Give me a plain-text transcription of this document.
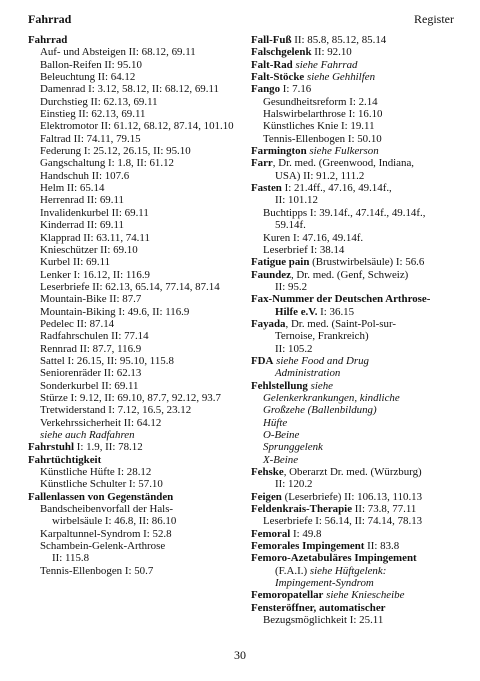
Fahrrad	Register
Fahrrad
Auf- und Absteigen II: 68.12, 69.11
Ballon-Reifen II: 95.10
Beleuchtung II: 64.12
Damenrad I: 3.12, 58.12, II: 68.12, 69.11
Durchstieg II: 62.13, 69.11
Einstieg II: 62.13, 69.11
Elektromotor II: 61.12, 68.12, 87.14, 101.10
Faltrad II: 74.11, 79.15
Federung I: 25.12, 26.15, II: 95.10
Gangschaltung I: 1.8, II: 61.12
Handschuh II: 107.6
Helm II: 65.14
Herrenrad II: 69.11
Invalidenkurbel II: 69.11
Kinderrad II: 69.11
Klapprad II: 63.11, 74.11
Knieschützer II: 69.10
Kurbel II: 69.11
Lenker I: 16.12, II: 116.9
Leserbriefe II: 62.13, 65.14, 77.14, 87.14
Mountain-Bike II: 87.7
Mountain-Biking I: 49.6, II: 116.9
Pedelec II: 87.14
Radfahrschulen II: 77.14
Rennrad II: 87.7, 116.9
Sattel I: 26.15, II: 95.10, 115.8
Seniorenräder II: 62.13
Sonderkurbel II: 69.11
Stürze I: 9.12, II: 69.10, 87.7, 92.12, 93.7
Tretwiderstand I: 7.12, 16.5, 23.12
Verkehrssicherheit II: 64.12
siehe auch Radfahren
Fahrstuhl I: 1.9, II: 78.12
Fahrtüchtigkeit
Künstliche Hüfte I: 28.12
Künstliche Schulter I: 57.10
Fallenlassen von Gegenständen
Bandscheibenvorfall der Hals-
wirbelsäule I: 46.8, II: 86.10
Karpaltunnel-Syndrom I: 52.8
Schambein-Gelenk-Arthrose
II: 115.8
Tennis-Ellenbogen I: 50.7
Fall-Fuß II: 85.8, 85.12, 85.14
Falschgelenk II: 92.10
Falt-Rad siehe Fahrrad
Falt-Stöcke siehe Gehhilfen
Fango I: 7.16
Gesundheitsreform I: 2.14
Halswirbelarthrose I: 16.10
Künstliches Knie I: 19.11
Tennis-Ellenbogen I: 50.10
Farmington siehe Fulkerson
Farr, Dr. med. (Greenwood, Indiana,
USA) II: 91.2, 111.2
Fasten I: 21.4ff., 47.16, 49.14f.,
II: 101.12
Buchtipps I: 39.14f., 47.14f., 49.14f.,
59.14f.
Kuren I: 47.16, 49.14f.
Leserbrief I: 38.14
Fatigue pain (Brustwirbelsäule) I: 56.6
Faundez, Dr. med. (Genf, Schweiz)
II: 95.2
Fax-Nummer der Deutschen Arthrose-
Hilfe e.V. I: 36.15
Fayada, Dr. med. (Saint-Pol-sur-
Ternoise, Frankreich)
II: 105.2
FDA siehe Food and Drug
Administration
Fehlstellung siehe
Gelenkerkrankungen, kindliche
Großzehe (Ballenbildung)
Hüfte
O-Beine
Sprunggelenk
X-Beine
Fehske, Oberarzt Dr. med. (Würzburg)
II: 120.2
Feigen (Leserbriefe) II: 106.13, 110.13
Feldenkrais-Therapie II: 73.8, 77.11
Leserbriefe I: 56.14, II: 74.14, 78.13
Femoral I: 49.8
Femorales Impingement II: 83.8
Femoro-Azetabuläres Impingement
(F.A.I.) siehe Hüftgelenk:
Impingement-Syndrom
Femoropatellar siehe Kniescheibe
Fensteröffner, automatischer
Bezugsmöglichkeit I: 25.11
30
